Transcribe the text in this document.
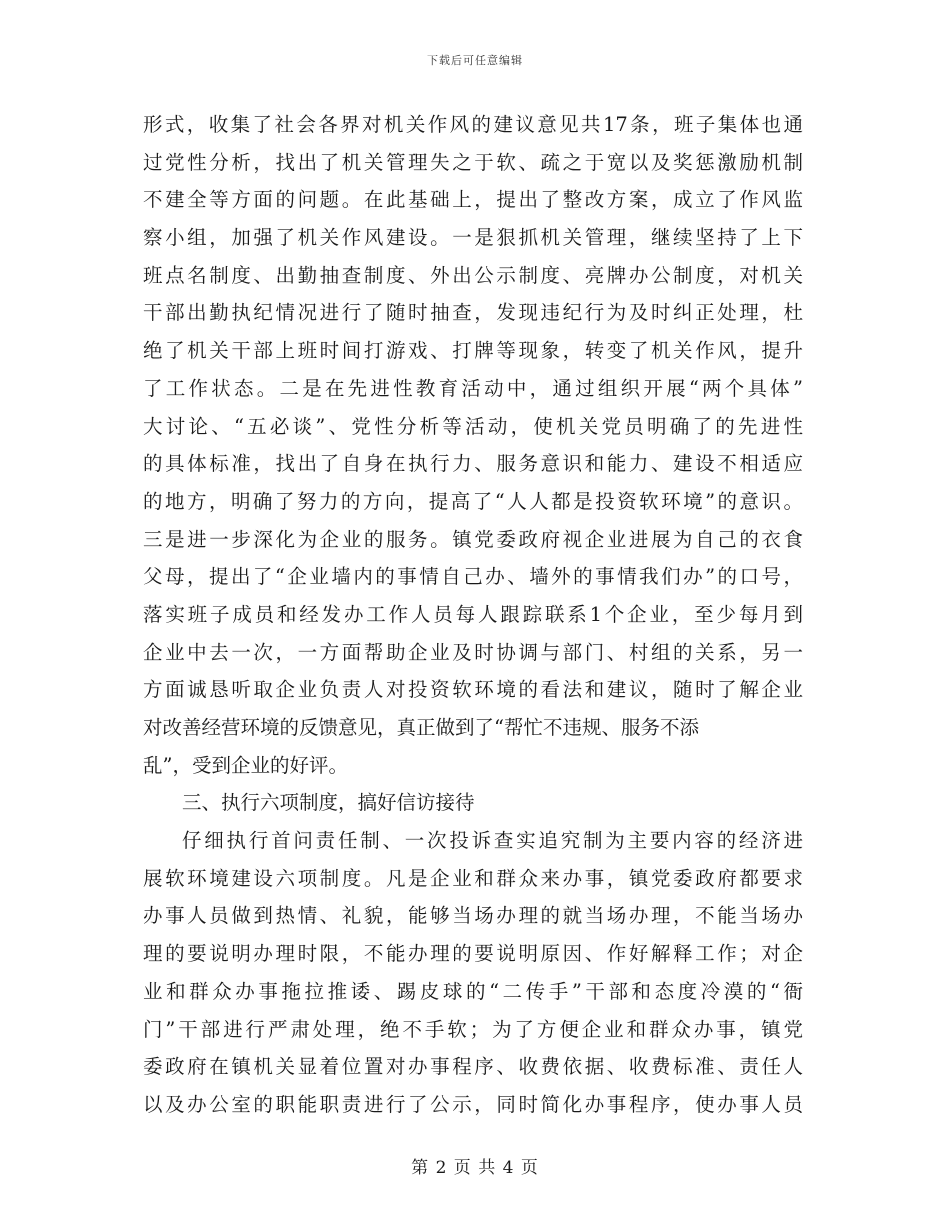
下载后可任意编辑
形式，收集了社会各界对机关作风的建议意见共17条，班子集体也通
过党性分析，找出了机关管理失之于软、疏之于宽以及奖惩激励机制
不建全等方面的问题。在此基础上，提出了整改方案，成立了作风监
察小组，加强了机关作风建设。一是狠抓机关管理，继续坚持了上下
班点名制度、出勤抽查制度、外出公示制度、亮牌办公制度，对机关
干部出勤执纪情况进行了随时抽查，发现违纪行为及时纠正处理，杜
绝了机关干部上班时间打游戏、打牌等现象，转变了机关作风，提升
了工作状态。二是在先进性教育活动中，通过组织开展“两个具体”
大讨论、“五必谈”、党性分析等活动，使机关党员明确了的先进性
的具体标准，找出了自身在执行力、服务意识和能力、建设不相适应
的地方，明确了努力的方向，提高了“人人都是投资软环境”的意识。
三是进一步深化为企业的服务。镇党委政府视企业进展为自己的衣食
父母，提出了“企业墙内的事情自己办、墙外的事情我们办”的口号，
落实班子成员和经发办工作人员每人跟踪联系1个企业，至少每月到
企业中去一次，一方面帮助企业及时协调与部门、村组的关系，另一
方面诚恳听取企业负责人对投资软环境的看法和建议，随时了解企业
对改善经营环境的反馈意见，真正做到了“帮忙不违规、服务不添
乱”，受到企业的好评。
三、执行六项制度，搞好信访接待
仔细执行首问责任制、一次投诉查实追究制为主要内容的经济进
展软环境建设六项制度。凡是企业和群众来办事，镇党委政府都要求
办事人员做到热情、礼貌，能够当场办理的就当场办理，不能当场办
理的要说明办理时限，不能办理的要说明原因、作好解释工作；对企
业和群众办事拖拉推诿、踢皮球的“二传手”干部和态度冷漠的“衙
门”干部进行严肃处理，绝不手软；为了方便企业和群众办事，镇党
委政府在镇机关显着位置对办事程序、收费依据、收费标准、责任人
以及办公室的职能职责进行了公示，同时简化办事程序，使办事人员
第 2 页 共 4 页
